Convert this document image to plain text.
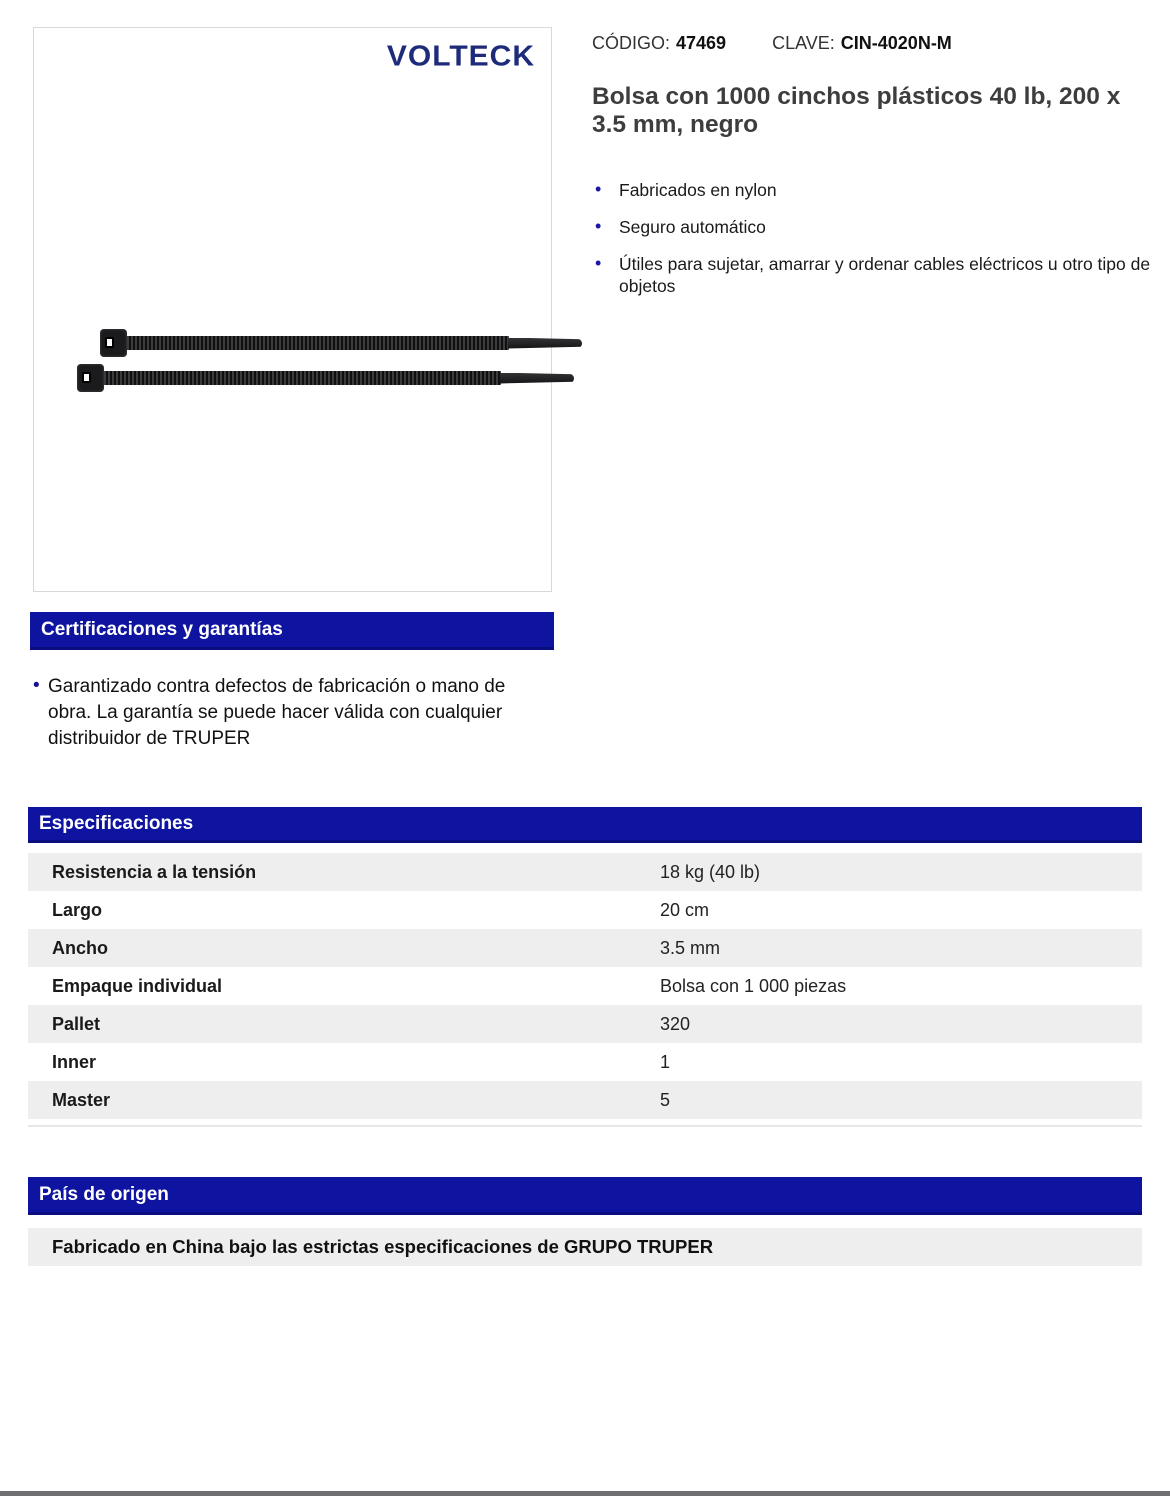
VOLTECK	CÓDIGO: 47469	CLAVE: CIN-4020N-M
Bolsa con 1000 cinchos plásticos 40 lb, 200 x 3.5 mm, negro
• Fabricados en nylon
• Seguro automático
• Útiles para sujetar, amarrar y ordenar cables eléctricos u otro tipo de objetos
Certificaciones y garantías
• Garantizado contra defectos de fabricación o mano de obra. La garantía se puede hacer válida con cualquier distribuidor de TRUPER
Especificaciones
Resistencia a la tensión	18 kg (40 lb)
Largo	20 cm
Ancho	3.5 mm
Empaque individual	Bolsa con 1 000 piezas
Pallet	320
Inner	1
Master	5
País de origen
Fabricado en China bajo las estrictas especificaciones de GRUPO TRUPER
